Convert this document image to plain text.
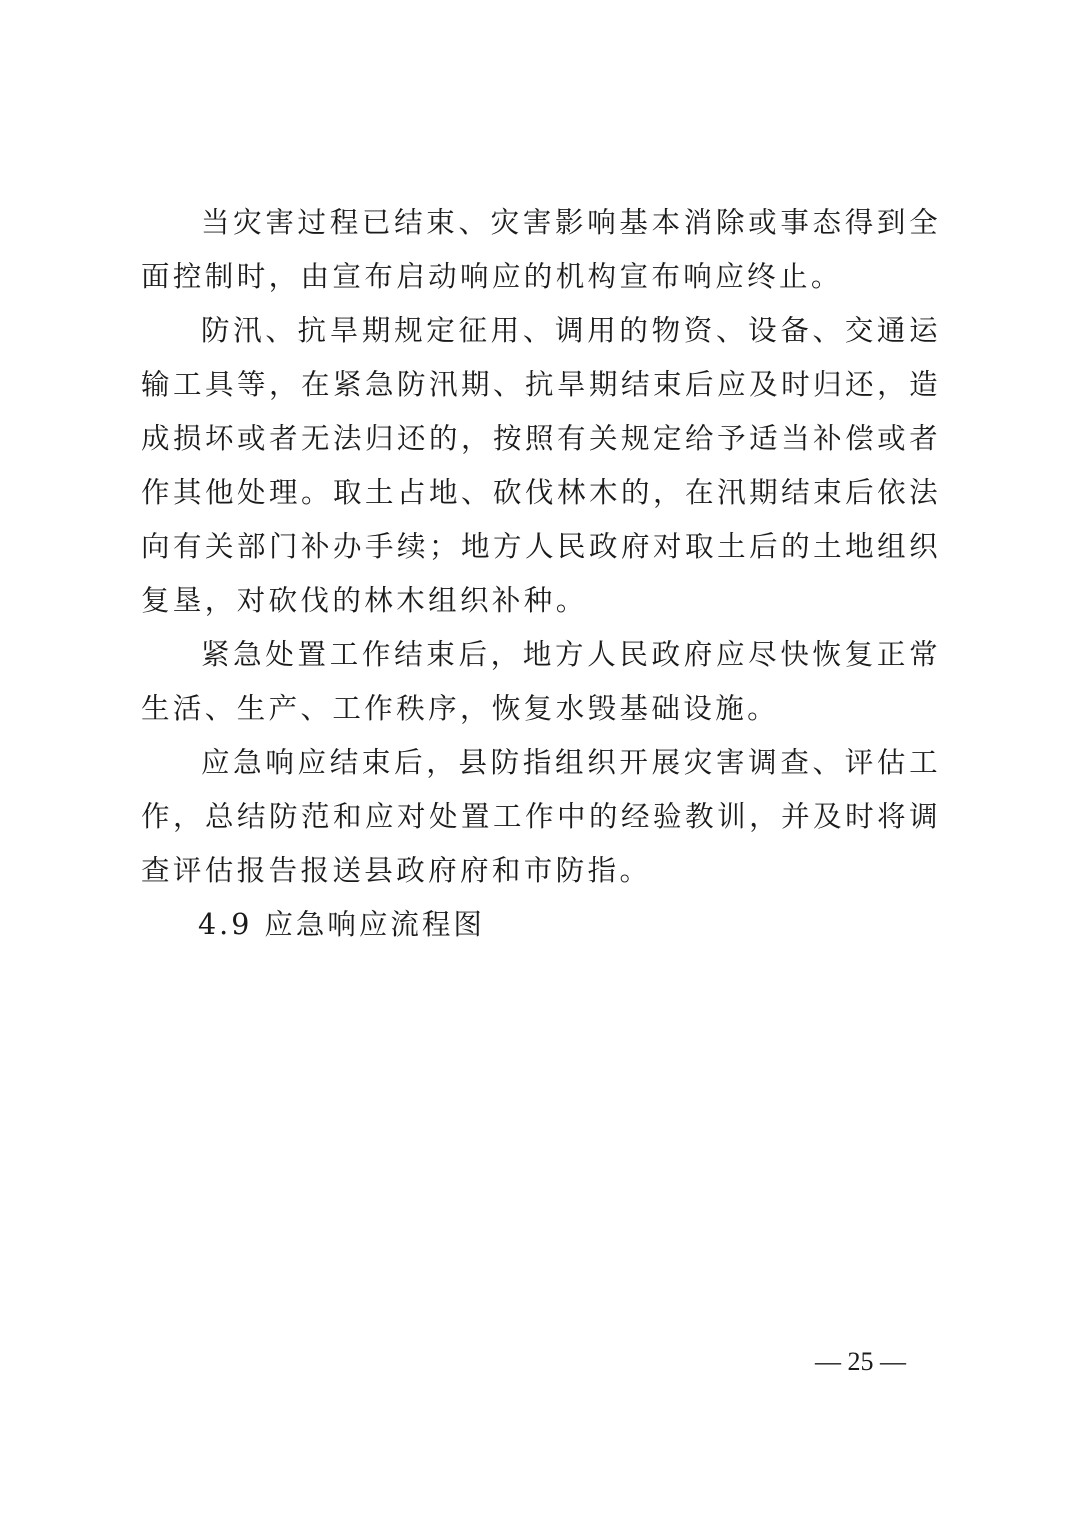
当灾害过程已结束、灾害影响基本消除或事态得到全面控制时，由宣布启动响应的机构宣布响应终止。

防汛、抗旱期规定征用、调用的物资、设备、交通运输工具等，在紧急防汛期、抗旱期结束后应及时归还，造成损坏或者无法归还的，按照有关规定给予适当补偿或者作其他处理。取土占地、砍伐林木的，在汛期结束后依法向有关部门补办手续；地方人民政府对取土后的土地组织复垦，对砍伐的林木组织补种。

紧急处置工作结束后，地方人民政府应尽快恢复正常生活、生产、工作秩序，恢复水毁基础设施。

应急响应结束后，县防指组织开展灾害调查、评估工作，总结防范和应对处置工作中的经验教训，并及时将调查评估报告报送县政府府和市防指。

4.9 应急响应流程图

— 25 —
